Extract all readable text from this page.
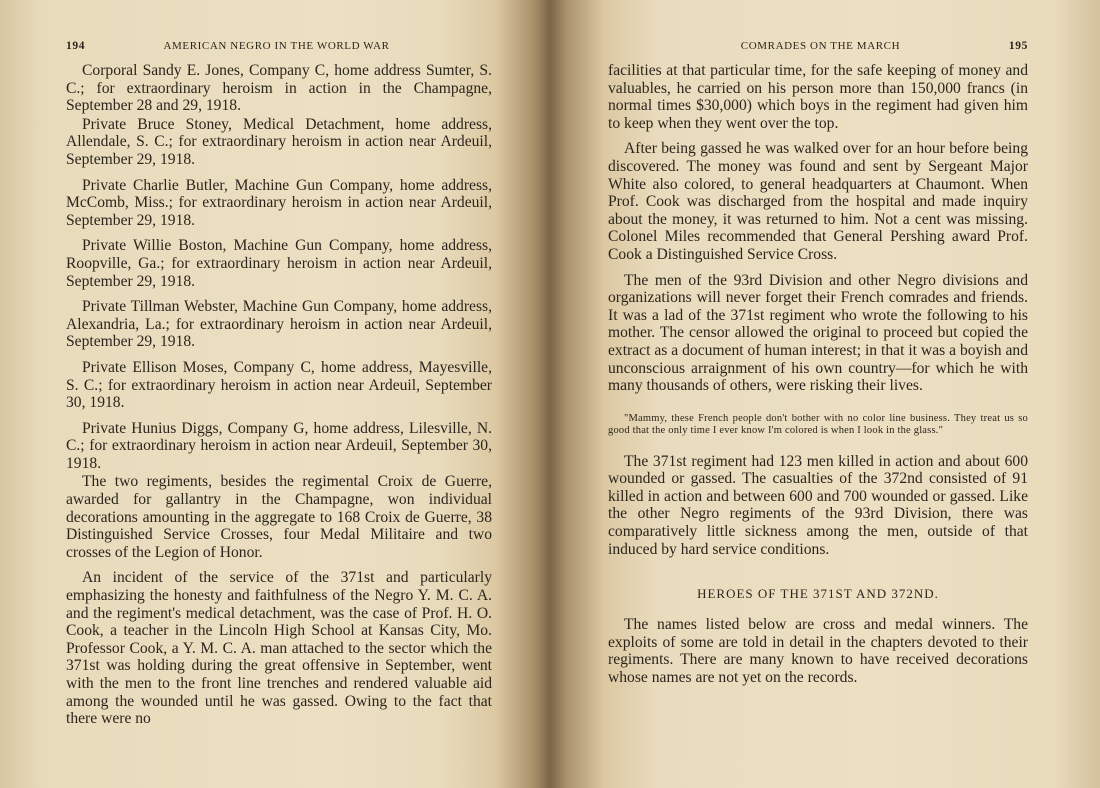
194	AMERICAN NEGRO IN THE WORLD WAR

Corporal Sandy E. Jones, Company C, home address Sumter, S. C.; for extraordinary heroism in action in the Champagne, September 28 and 29, 1918.

Private Bruce Stoney, Medical Detachment, home address, Allendale, S. C.; for extraordinary heroism in action near Ardeuil, September 29, 1918.

Private Charlie Butler, Machine Gun Company, home address, McComb, Miss.; for extraordinary heroism in action near Ardeuil, September 29, 1918.

Private Willie Boston, Machine Gun Company, home address, Roopville, Ga.; for extraordinary heroism in action near Ardeuil, September 29, 1918.

Private Tillman Webster, Machine Gun Company, home address, Alexandria, La.; for extraordinary heroism in action near Ardeuil, September 29, 1918.

Private Ellison Moses, Company C, home address, Mayesville, S. C.; for extraordinary heroism in action near Ardeuil, September 30, 1918.

Private Hunius Diggs, Company G, home address, Lilesville, N. C.; for extraordinary heroism in action near Ardeuil, September 30, 1918.

The two regiments, besides the regimental Croix de Guerre, awarded for gallantry in the Champagne, won individual decorations amounting in the aggregate to 168 Croix de Guerre, 38 Distinguished Service Crosses, four Medal Militaire and two crosses of the Legion of Honor.

An incident of the service of the 371st and particularly emphasizing the honesty and faithfulness of the Negro Y. M. C. A. and the regiment's medical detachment, was the case of Prof. H. O. Cook, a teacher in the Lincoln High School at Kansas City, Mo. Professor Cook, a Y. M. C. A. man attached to the sector which the 371st was holding during the great offensive in September, went with the men to the front line trenches and rendered valuable aid among the wounded until he was gassed. Owing to the fact that there were no

COMRADES ON THE MARCH	195

facilities at that particular time, for the safe keeping of money and valuables, he carried on his person more than 150,000 francs (in normal times $30,000) which boys in the regiment had given him to keep when they went over the top.

After being gassed he was walked over for an hour before being discovered. The money was found and sent by Sergeant Major White also colored, to general headquarters at Chaumont. When Prof. Cook was discharged from the hospital and made inquiry about the money, it was returned to him. Not a cent was missing. Colonel Miles recommended that General Pershing award Prof. Cook a Distinguished Service Cross.

The men of the 93rd Division and other Negro divisions and organizations will never forget their French comrades and friends. It was a lad of the 371st regiment who wrote the following to his mother. The censor allowed the original to proceed but copied the extract as a document of human interest; in that it was a boyish and unconscious arraignment of his own country—for which he with many thousands of others, were risking their lives.

"Mammy, these French people don't bother with no color line business. They treat us so good that the only time I ever know I'm colored is when I look in the glass."

The 371st regiment had 123 men killed in action and about 600 wounded or gassed. The casualties of the 372nd consisted of 91 killed in action and between 600 and 700 wounded or gassed. Like the other Negro regiments of the 93rd Division, there was comparatively little sickness among the men, outside of that induced by hard service conditions.

HEROES OF THE 371ST AND 372ND.

The names listed below are cross and medal winners. The exploits of some are told in detail in the chapters devoted to their regiments. There are many known to have received decorations whose names are not yet on the records.
